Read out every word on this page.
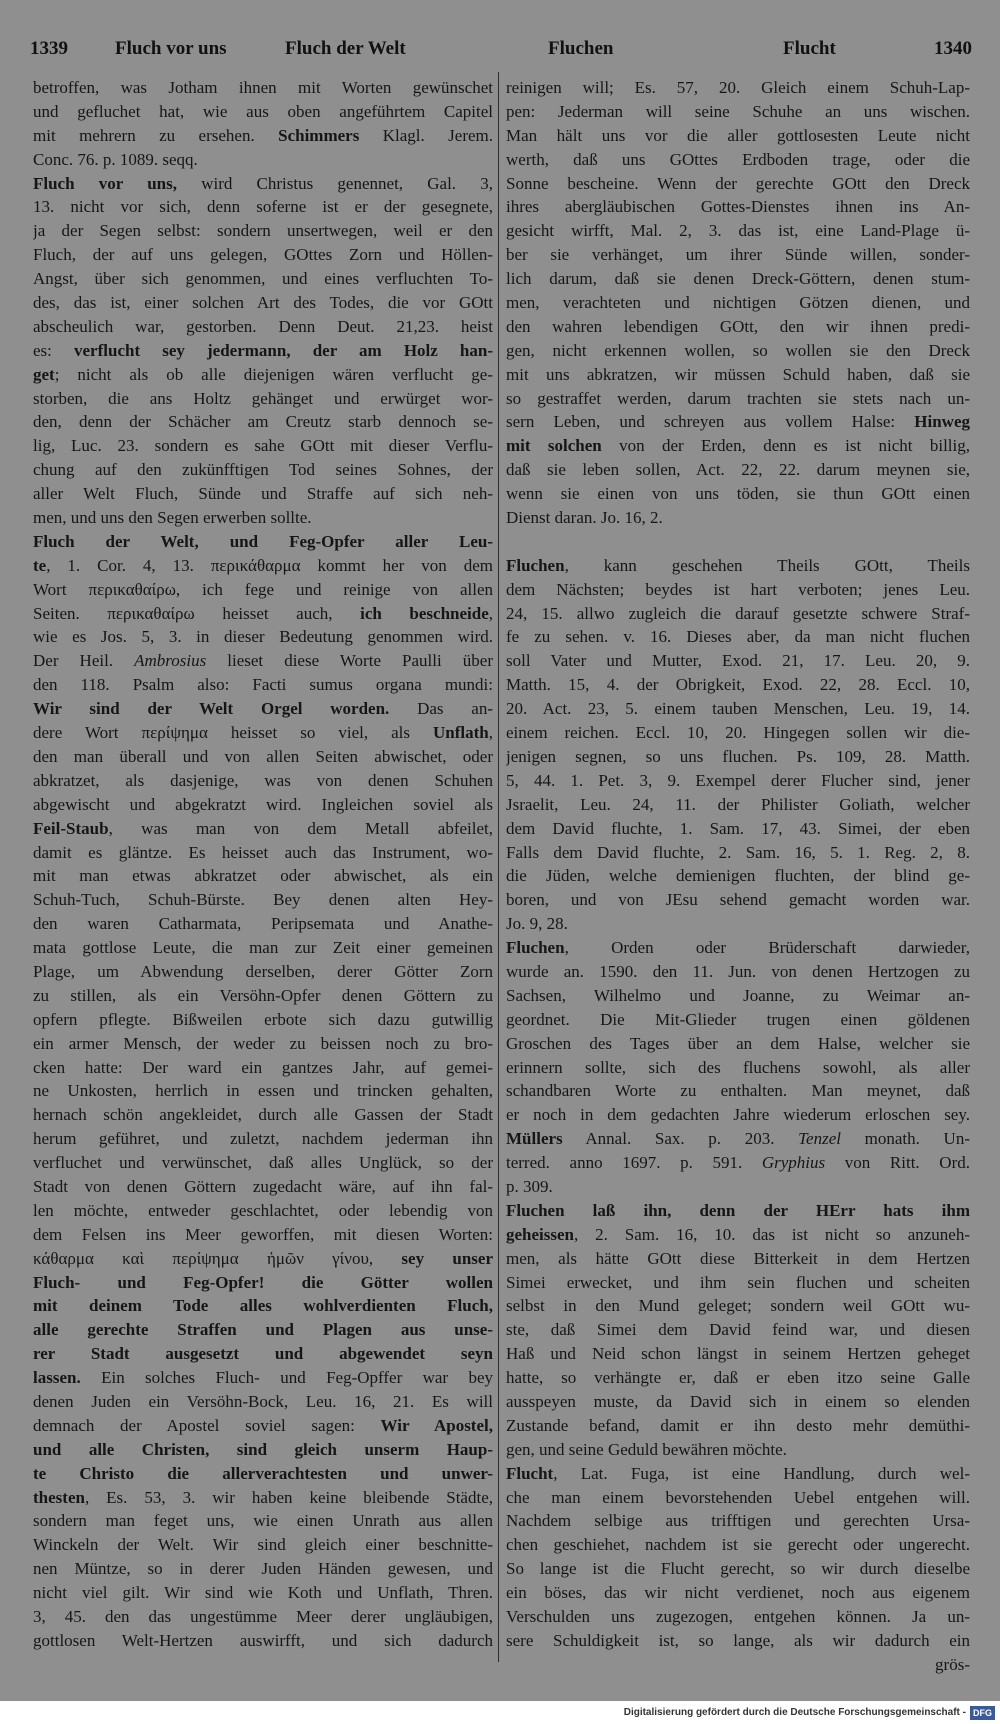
1339 Fluch vor uns	Fluch der Welt	Fluchen	Flucht	1340
betroffen, was Jotham ihnen mit Worten gewünschet
und gefluchet hat, wie aus oben angeführtem Capitel
mit mehrern zu ersehen. Schimmers Klagl. Jerem.
Conc. 76. p. 1089. seqq.
Fluch vor uns, wird Christus genennet, Gal. 3,
13. nicht vor sich, denn soferne ist er der gesegnete,
ja der Segen selbst: sondern unsertwegen, weil er den
Fluch, der auf uns gelegen, GOttes Zorn und Höllen-
Angst, über sich genommen, und eines verfluchten To-
des, das ist, einer solchen Art des Todes, die vor GOtt
abscheulich war, gestorben. Denn Deut. 21,23. heist
es: verflucht sey jedermann, der am Holz han-
get; nicht als ob alle diejenigen wären verflucht ge-
storben, die ans Holtz gehänget und erwürget wor-
den, denn der Schächer am Creutz starb dennoch se-
lig, Luc. 23. sondern es sahe GOtt mit dieser Verflu-
chung auf den zukünfftigen Tod seines Sohnes, der
aller Welt Fluch, Sünde und Straffe auf sich neh-
men, und uns den Segen erwerben sollte.
Fluch der Welt, und Feg-Opfer aller Leu-
te, 1. Cor. 4, 13. περικάθαρμα kommt her von dem
Wort περικαθαίρω, ich fege und reinige von allen
Seiten. περικαθαίρω heisset auch, ich beschneide,
wie es Jos. 5, 3. in dieser Bedeutung genommen wird.
Der Heil. Ambrosius lieset diese Worte Paulli über
den 118. Psalm also: Facti sumus organa mundi:
Wir sind der Welt Orgel worden. Das an-
dere Wort περίψημα heisset so viel, als Unflath,
den man überall und von allen Seiten abwischet, oder
abkratzet, als dasjenige, was von denen Schuhen
abgewischt und abgekratzt wird. Ingleichen soviel als
Feil-Staub, was man von dem Metall abfeilet,
damit es gläntze. Es heisset auch das Instrument, wo-
mit man etwas abkratzet oder abwischet, als ein
Schuh-Tuch, Schuh-Bürste. Bey denen alten Hey-
den waren Catharmata, Peripsemata und Anathe-
mata gottlose Leute, die man zur Zeit einer gemeinen
Plage, um Abwendung derselben, derer Götter Zorn
zu stillen, als ein Versöhn-Opfer denen Göttern zu
opfern pflegte. Bißweilen erbote sich dazu gutwillig
ein armer Mensch, der weder zu beissen noch zu bro-
cken hatte: Der ward ein gantzes Jahr, auf gemei-
ne Unkosten, herrlich in essen und trincken gehalten,
hernach schön angekleidet, durch alle Gassen der Stadt
herum geführet, und zuletzt, nachdem jederman ihn
verfluchet und verwünschet, daß alles Unglück, so der
Stadt von denen Göttern zugedacht wäre, auf ihn fal-
len möchte, entweder geschlachtet, oder lebendig von
dem Felsen ins Meer geworffen, mit diesen Worten:
κάθαρμα καὶ περίψημα ἡμῶν γίνου, sey unser
Fluch- und Feg-Opfer! die Götter wollen
mit deinem Tode alles wohlverdienten Fluch,
alle gerechte Straffen und Plagen aus unse-
rer Stadt ausgesetzt und abgewendet seyn
lassen. Ein solches Fluch- und Feg-Opffer war bey
denen Juden ein Versöhn-Bock, Leu. 16, 21. Es will
demnach der Apostel soviel sagen: Wir Apostel,
und alle Christen, sind gleich unserm Haup-
te Christo die allerverachtesten und unwer-
thesten, Es. 53, 3. wir haben keine bleibende Städte,
sondern man feget uns, wie einen Unrath aus allen
Winckeln der Welt. Wir sind gleich einer beschnitte-
nen Müntze, so in derer Juden Händen gewesen, und
nicht viel gilt. Wir sind wie Koth und Unflath, Thren.
3, 45. den das ungestümme Meer derer ungläubigen,
gottlosen Welt-Hertzen auswirfft, und sich dadurch
reinigen will; Es. 57, 20. Gleich einem Schuh-Lap-
pen: Jederman will seine Schuhe an uns wischen.
Man hält uns vor die aller gottlosesten Leute nicht
werth, daß uns GOttes Erdboden trage, oder die
Sonne bescheine. Wenn der gerechte GOtt den Dreck
ihres abergläubischen Gottes-Dienstes ihnen ins An-
gesicht wirfft, Mal. 2, 3. das ist, eine Land-Plage ü-
ber sie verhänget, um ihrer Sünde willen, sonder-
lich darum, daß sie denen Dreck-Göttern, denen stum-
men, verachteten und nichtigen Götzen dienen, und
den wahren lebendigen GOtt, den wir ihnen predi-
gen, nicht erkennen wollen, so wollen sie den Dreck
mit uns abkratzen, wir müssen Schuld haben, daß sie
so gestraffet werden, darum trachten sie stets nach un-
sern Leben, und schreyen aus vollem Halse: Hinweg
mit solchen von der Erden, denn es ist nicht billig,
daß sie leben sollen, Act. 22, 22. darum meynen sie,
wenn sie einen von uns töden, sie thun GOtt einen
Dienst daran. Jo. 16, 2.
Fluchen, kann geschehen Theils GOtt, Theils
dem Nächsten; beydes ist hart verboten; jenes Leu.
24, 15. allwo zugleich die darauf gesetzte schwere Straf-
fe zu sehen. v. 16. Dieses aber, da man nicht fluchen
soll Vater und Mutter, Exod. 21, 17. Leu. 20, 9.
Matth. 15, 4. der Obrigkeit, Exod. 22, 28. Eccl. 10,
20. Act. 23, 5. einem tauben Menschen, Leu. 19, 14.
einem reichen. Eccl. 10, 20. Hingegen sollen wir die-
jenigen segnen, so uns fluchen. Ps. 109, 28. Matth.
5, 44. 1. Pet. 3, 9. Exempel derer Flucher sind, jener
Jsraelit, Leu. 24, 11. der Philister Goliath, welcher
dem David fluchte, 1. Sam. 17, 43. Simei, der eben
Falls dem David fluchte, 2. Sam. 16, 5. 1. Reg. 2, 8.
die Jüden, welche demienigen fluchten, der blind ge-
boren, und von JEsu sehend gemacht worden war.
Jo. 9, 28.
Fluchen, Orden oder Brüderschaft darwieder,
wurde an. 1590. den 11. Jun. von denen Hertzogen zu
Sachsen, Wilhelmo und Joanne, zu Weimar an-
geordnet. Die Mit-Glieder trugen einen göldenen
Groschen des Tages über an dem Halse, welcher sie
erinnern sollte, sich des fluchens sowohl, als aller
schandbaren Worte zu enthalten. Man meynet, daß
er noch in dem gedachten Jahre wiederum erloschen sey.
Müllers Annal. Sax. p. 203. Tenzel monath. Un-
terred. anno 1697. p. 591. Gryphius von Ritt. Ord.
p. 309.
Fluchen laß ihn, denn der HErr hats ihm
geheissen, 2. Sam. 16, 10. das ist nicht so anzuneh-
men, als hätte GOtt diese Bitterkeit in dem Hertzen
Simei erwecket, und ihm sein fluchen und scheiten
selbst in den Mund geleget; sondern weil GOtt wu-
ste, daß Simei dem David feind war, und diesen
Haß und Neid schon längst in seinem Hertzen geheget
hatte, so verhängte er, daß er eben itzo seine Galle
ausspeyen muste, da David sich in einem so elenden
Zustande befand, damit er ihn desto mehr demüthi-
gen, und seine Geduld bewähren möchte.
Flucht, Lat. Fuga, ist eine Handlung, durch wel-
che man einem bevorstehenden Uebel entgehen will.
Nachdem selbige aus trifftigen und gerechten Ursa-
chen geschiehet, nachdem ist sie gerecht oder ungerecht.
So lange ist die Flucht gerecht, so wir durch dieselbe
ein böses, das wir nicht verdienet, noch aus eigenem
Verschulden uns zugezogen, entgehen können. Ja un-
sere Schuldigkeit ist, so lange, als wir dadurch ein
grös-
Digitalisierung gefördert durch die Deutsche Forschungsgemeinschaft - DFG
